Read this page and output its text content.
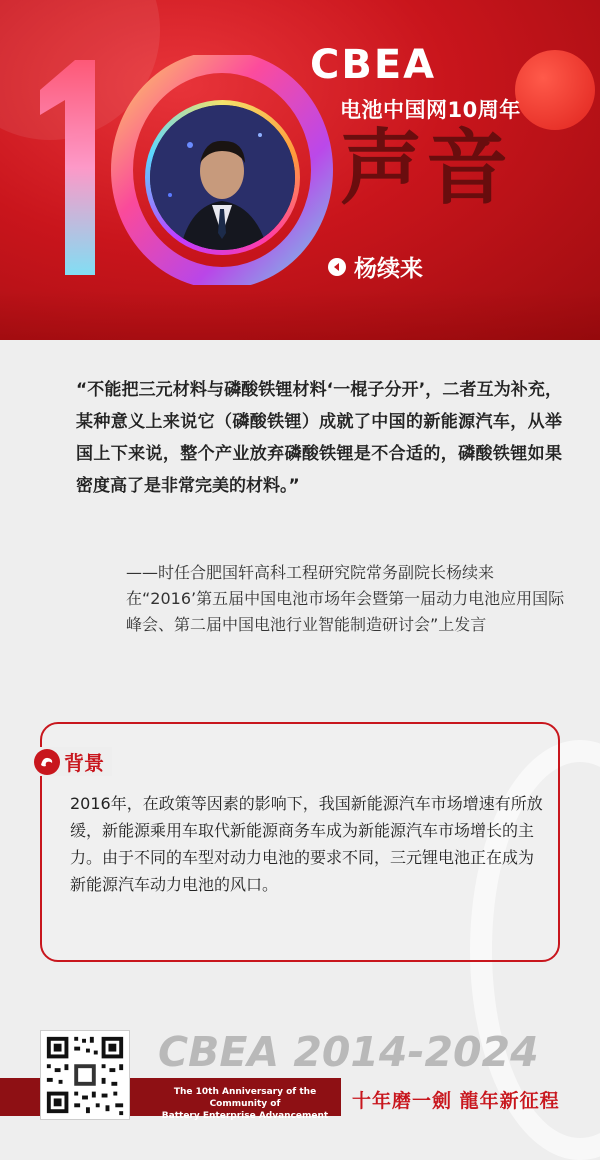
CBEA
电池中国网10周年
声音
杨续来
“不能把三元材料与磷酸铁锂材料‘一棍子分开’，二者互为补充，某种意义上来说它（磷酸铁锂）成就了中国的新能源汽车，从举国上下来说，整个产业放弃磷酸铁锂是不合适的，磷酸铁锂如果密度高了是非常完美的材料。”
——时任合肥国轩高科工程研究院常务副院长杨续来在“2016’第五届中国电池市场年会暨第一届动力电池应用国际峰会、第二届中国电池行业智能制造研讨会”上发言
背景
2016年，在政策等因素的影响下，我国新能源汽车市场增速有所放缓，新能源乘用车取代新能源商务车成为新能源汽车市场增长的主力。由于不同的车型对动力电池的要求不同，三元锂电池正在成为新能源汽车动力电池的风口。
CBEA 2014-2024
The 10th Anniversary of the Community of
Battery Enterprise Advancement
十年磨一劍 龍年新征程
